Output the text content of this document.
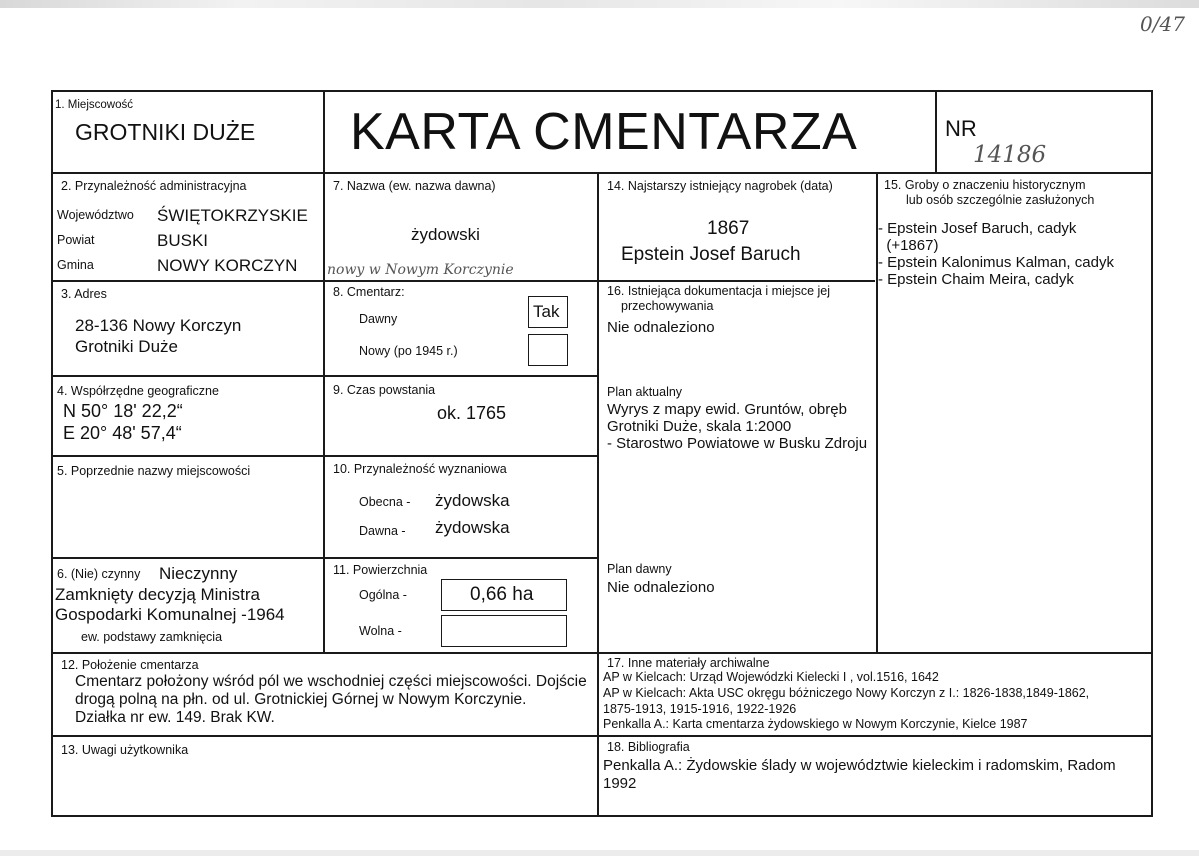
0/47
1. Miejscowość
GROTNIKI DUŻE KARTA CMENTARZA	NR
14186
2. Przynależność administracyjna
Województwo ŚWIĘTOKRZYSKIE
Powiat	BUSKI
Gmina	NOWY KORCZYN
3. Adres
28-136 Nowy Korczyn
Grotniki Duże
4. Współrzędne geograficzne
N 50° 18' 22,2“
E 20° 48' 57,4“
5. Poprzednie nazwy miejscowości
6. (Nie) czynny Nieczynny
Zamknięty decyzją Ministra
Gospodarki Komunalnej -1964
ew. podstawy zamknięcia
7. Nazwa (ew. nazwa dawna)
żydowski
nowy w Nowym Korczynie
8. Cmentarz:
Dawny	Tak
Nowy (po 1945 r.)
9. Czas powstania
ok. 1765
10. Przynależność wyznaniowa
Obecna - żydowska
Dawna - żydowska
11. Powierzchnia
Ogólna -	0,66 ha
Wolna -
14. Najstarszy istniejący nagrobek (data)
1867
Epstein Josef Baruch
15. Groby o znaczeniu historycznym
lub osób szczególnie zasłużonych
- Epstein Josef Baruch, cadyk
(+1867)
- Epstein Kalonimus Kalman, cadyk
- Epstein Chaim Meira, cadyk
16. Istniejąca dokumentacja i miejsce jej
przechowywania
Nie odnaleziono
Plan aktualny
Wyrys z mapy ewid. Gruntów, obręb
Grotniki Duże, skala 1:2000
- Starostwo Powiatowe w Busku Zdroju
Plan dawny
Nie odnaleziono
12. Położenie cmentarza
Cmentarz położony wśród pól we wschodniej części miejscowości. Dojście
drogą polną na płn. od ul. Grotnickiej Górnej w Nowym Korczynie.
Działka nr ew. 149. Brak KW.
17. Inne materiały archiwalne
AP w Kielcach: Urząd Wojewódzki Kielecki I , vol.1516, 1642
AP w Kielcach: Akta USC okręgu bóżniczego Nowy Korczyn z I.: 1826-1838,1849-1862,
1875-1913, 1915-1916, 1922-1926
Penkalla A.: Karta cmentarza żydowskiego w Nowym Korczynie, Kielce 1987
13. Uwagi użytkownika	18. Bibliografia
Penkalla A.: Żydowskie ślady w województwie kieleckim i radomskim, Radom
1992
